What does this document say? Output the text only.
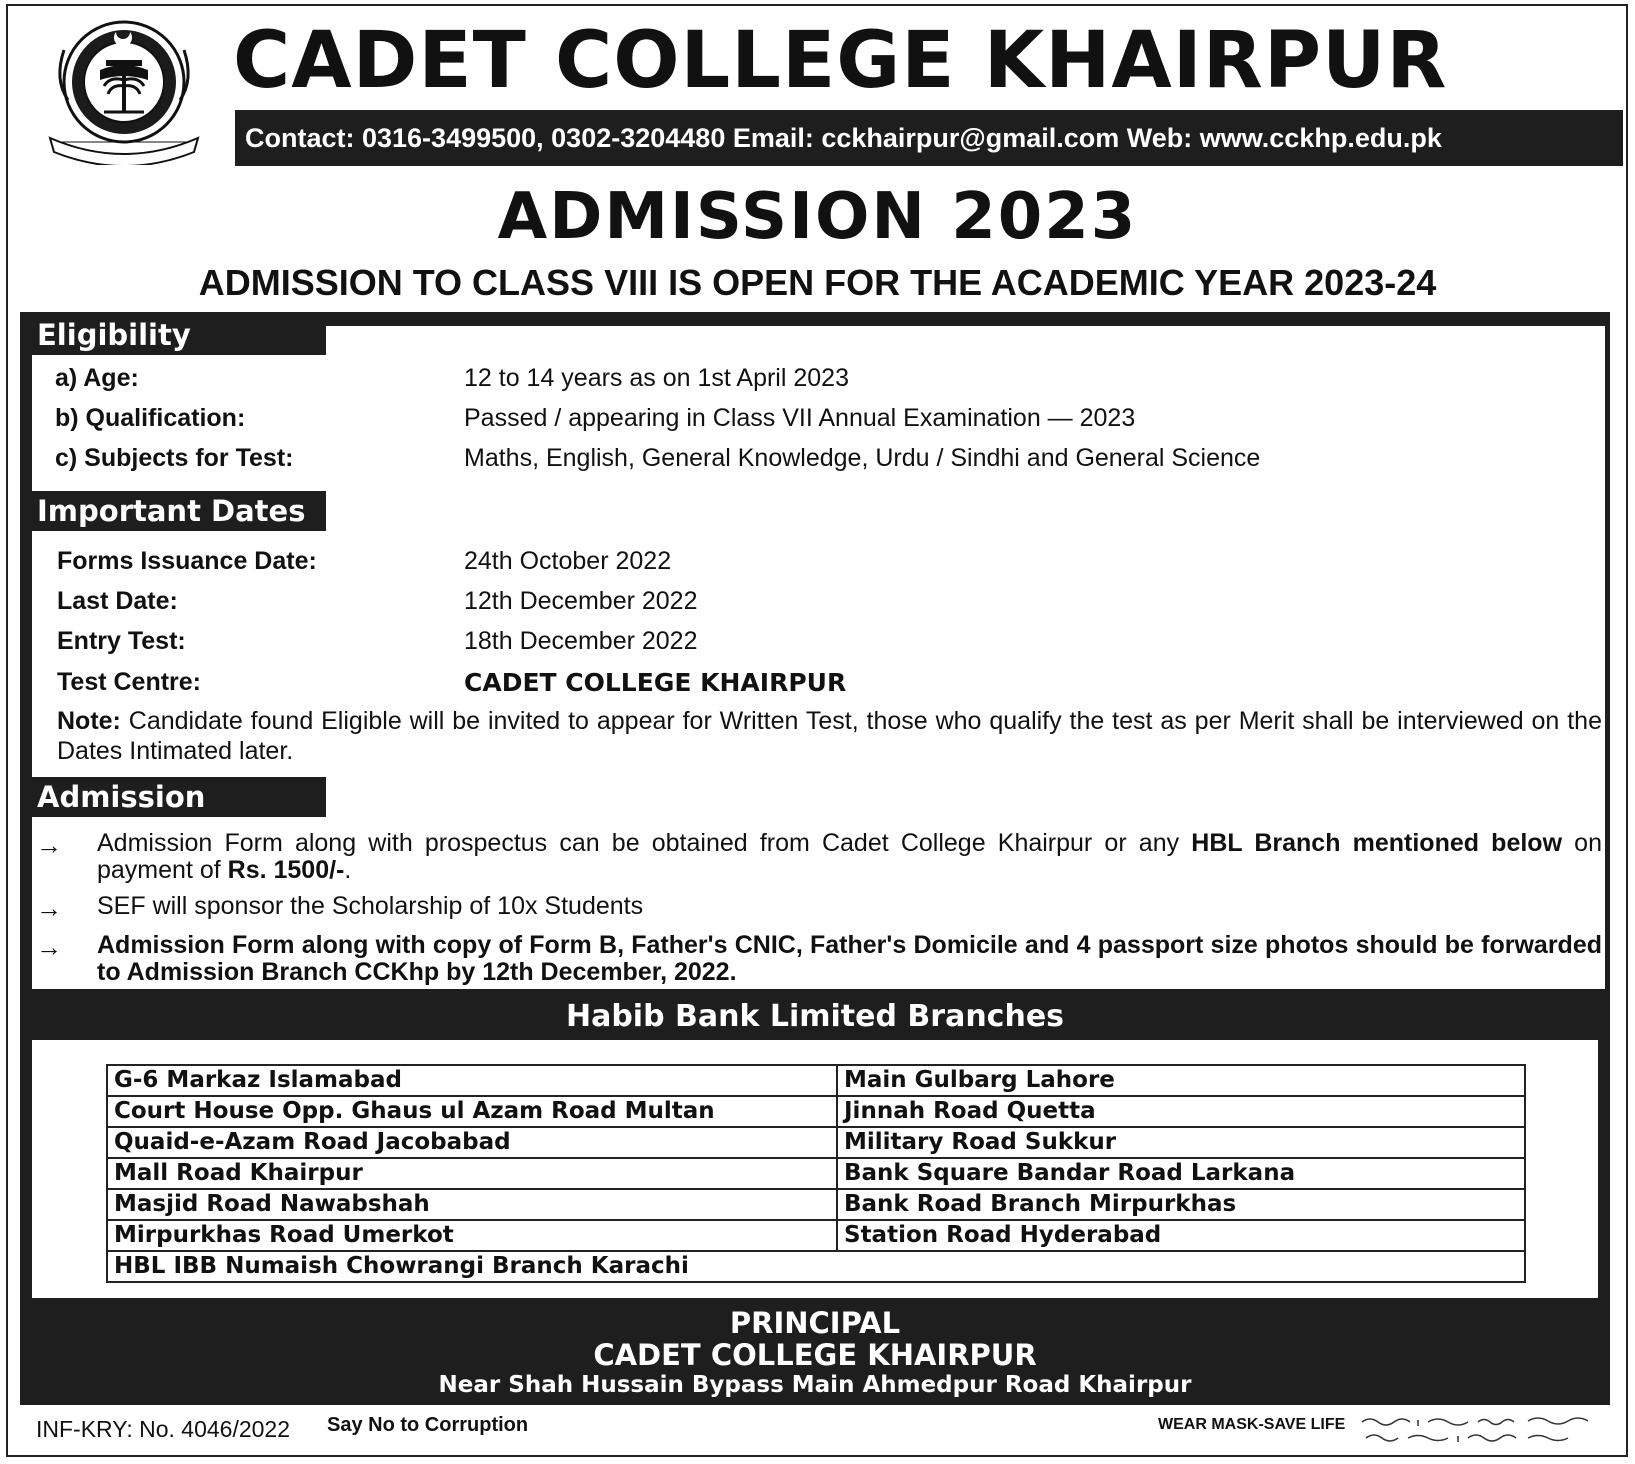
CADET COLLEGE KHAIRPUR
Contact: 0316-3499500, 0302-3204480 Email: cckhairpur@gmail.com Web: www.cckhp.edu.pk
ADMISSION 2023
ADMISSION TO CLASS VIII IS OPEN FOR THE ACADEMIC YEAR 2023-24
Eligibility
a) Age:	12 to 14 years as on 1st April 2023
b) Qualification:	Passed / appearing in Class VII Annual Examination — 2023
c) Subjects for Test:	Maths, English, General Knowledge, Urdu / Sindhi and General Science
Important Dates
Forms Issuance Date:	24th October 2022
Last Date:	12th December 2022
Entry Test:	18th December 2022
Test Centre:	CADET COLLEGE KHAIRPUR
Note: Candidate found Eligible will be invited to appear for Written Test, those who qualify the test as per Merit shall be interviewed on the Dates Intimated later.
Admission
→ Admission Form along with prospectus can be obtained from Cadet College Khairpur or any HBL Branch mentioned below on payment of Rs. 1500/-.
→ SEF will sponsor the Scholarship of 10x Students
→ Admission Form along with copy of Form B, Father's CNIC, Father's Domicile and 4 passport size photos should be forwarded to Admission Branch CCKhp by 12th December, 2022.
Habib Bank Limited Branches
G-6 Markaz Islamabad	Main Gulbarg Lahore
Court House Opp. Ghaus ul Azam Road Multan	Jinnah Road Quetta
Quaid-e-Azam Road Jacobabad	Military Road Sukkur
Mall Road Khairpur	Bank Square Bandar Road Larkana
Masjid Road Nawabshah	Bank Road Branch Mirpurkhas
Mirpurkhas Road Umerkot	Station Road Hyderabad
HBL IBB Numaish Chowrangi Branch Karachi	
PRINCIPAL
CADET COLLEGE KHAIRPUR
Near Shah Hussain Bypass Main Ahmedpur Road Khairpur
INF-KRY: No. 4046/2022 Say No to Corruption	WEAR MASK-SAVE LIFE
